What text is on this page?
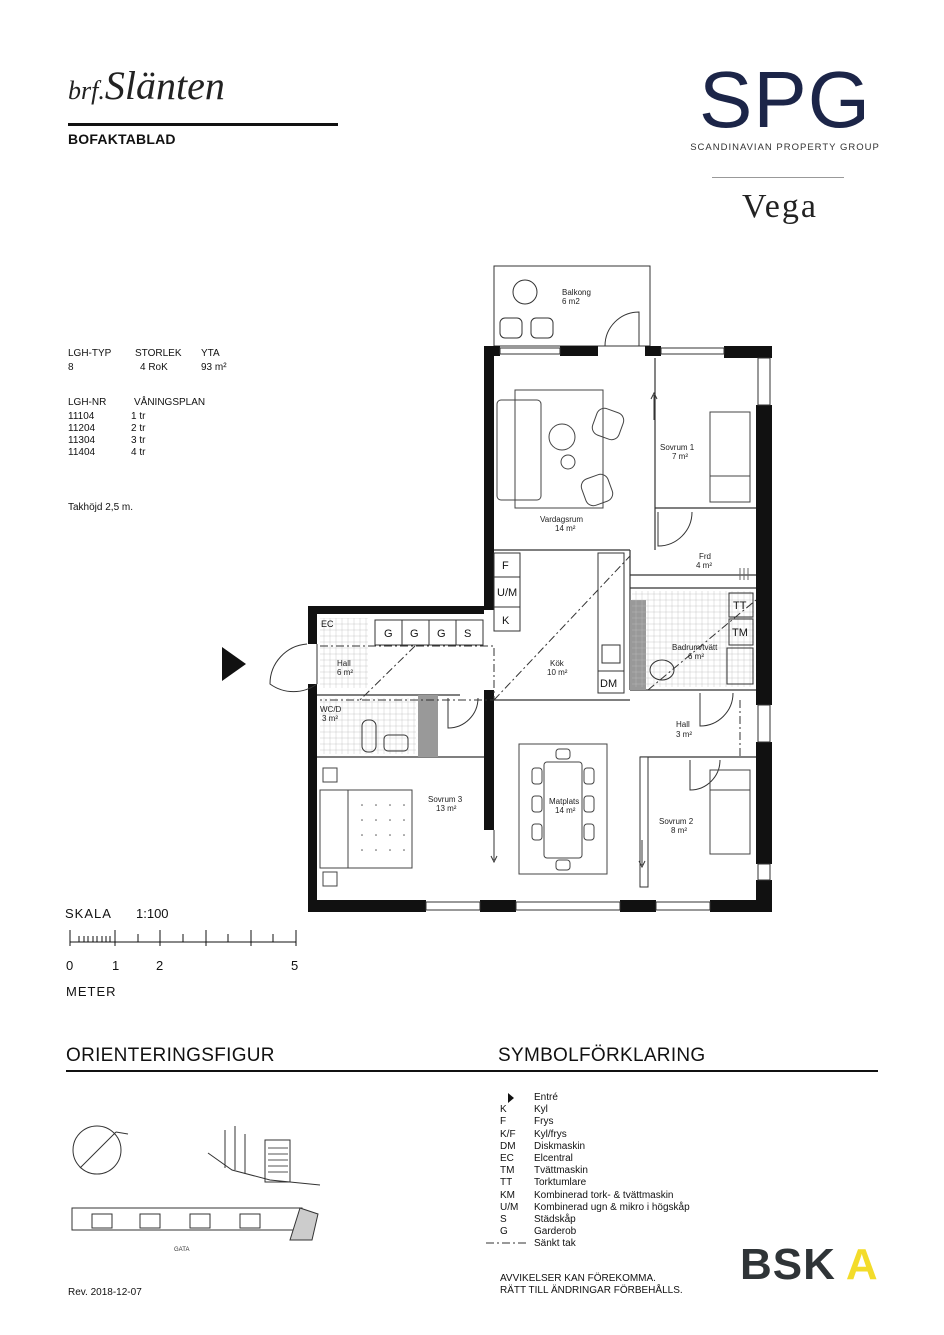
brf.Slänten
BOFAKTABLAD	SPG
SCANDINAVIAN PROPERTY GROUP
Vega
LGH-TYP STORLEK YTA
8	4 RoK	93 m²
LGH-NR	VÅNINGSPLAN
11104	1 tr
11204	2 tr
11304	3 tr
11404	4 tr
Takhöjd 2,5 m.
Balkong
6 m2
Vardagsrum
14 m²
Sovrum 1
7 m²
Frd
4 m²
Badrum/tvätt
6 m²
Kök
10 m²
Hall
6 m²
WC/D
3 m²
Hall
3 m²
Sovrum 3
13 m²
Matplats
14 m²
Sovrum 2
8 m²
F
U/M
K
EC
G G G S
DM
TT
TM
GATA
SKALA 1:100
0	1	2	5
METER
ORIENTERINGSFIGUR	SYMBOLFÖRKLARING
Entré
K	Kyl
F	Frys
K/F	Kyl/frys
DM	Diskmaskin
EC	Elcentral
TM	Tvättmaskin
TT	Torktumlare
KM	Kombinerad tork- & tvättmaskin
U/M	Kombinerad ugn & mikro i högskåp
S	Städskåp
G	Garderob
Sänkt tak
AVVIKELSER KAN FÖREKOMMA.
RÄTT TILL ÄNDRINGAR FÖRBEHÅLLS.
Rev. 2018-12-07
BSK A
